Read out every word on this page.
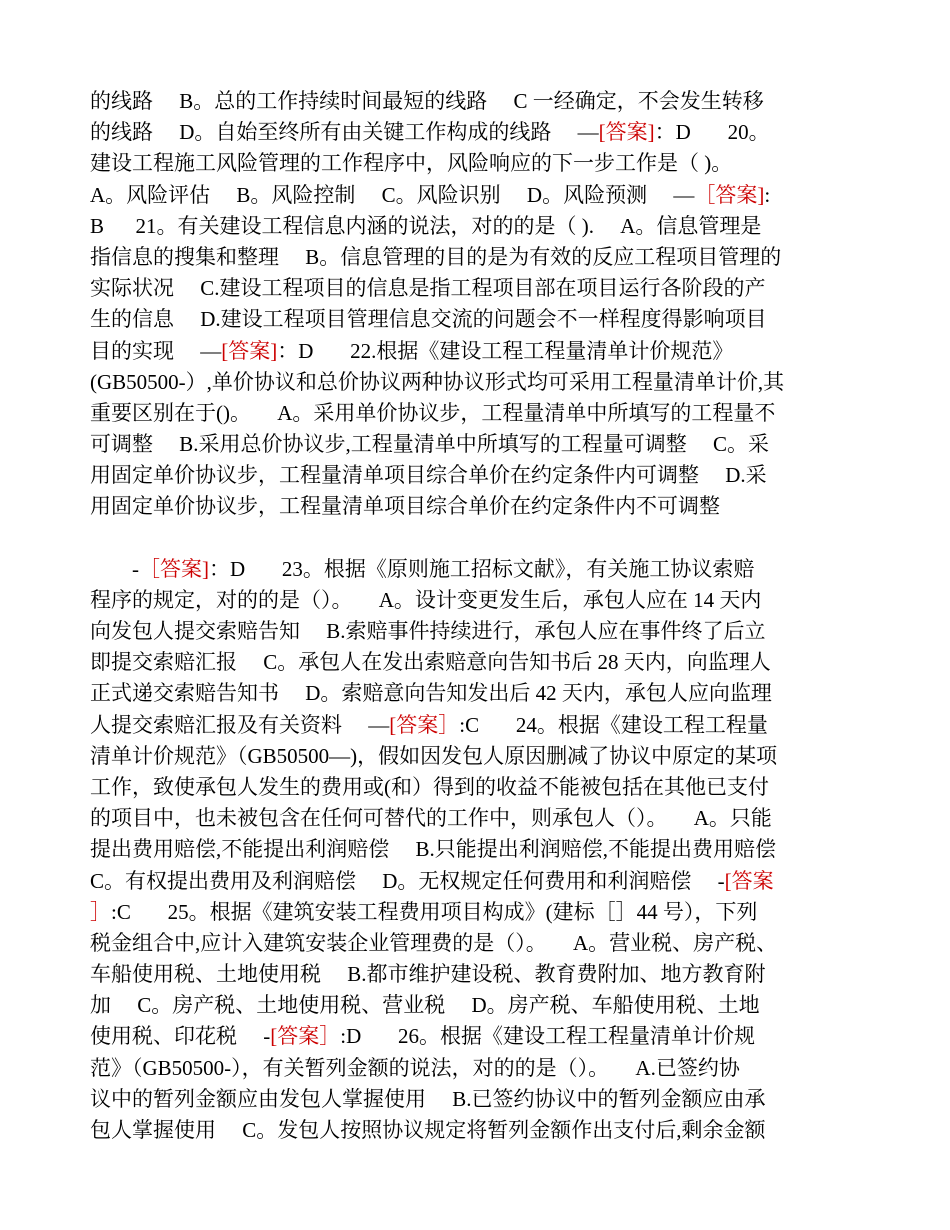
的线路     B。总的工作持续时间最短的线路     C 一经确定，不会发生转移
的线路     D。自始至终所有由关键工作构成的线路     —[答案]：D       20。
建设工程施工风险管理的工作程序中，风险响应的下一步工作是（ )。
A。风险评估     B。风险控制     C。风险识别     D。风险预测     —［答案]:
B      21。有关建设工程信息内涵的说法，对的的是（ ).     A。信息管理是
指信息的搜集和整理     B。信息管理的目的是为有效的反应工程项目管理的
实际状况     C.建设工程项目的信息是指工程项目部在项目运行各阶段的产
生的信息     D.建设工程项目管理信息交流的问题会不一样程度得影响项目
目的实现     —[答案]：D       22.根据《建设工程工程量清单计价规范》
(GB50500-）,单价协议和总价协议两种协议形式均可采用工程量清单计价,其
重要区别在于()。     A。采用单价协议步，工程量清单中所填写的工程量不
可调整     B.采用总价协议步,工程量清单中所填写的工程量可调整     C。采
用固定单价协议步，工程量清单项目综合单价在约定条件内可调整     D.采
用固定单价协议步，工程量清单项目综合单价在约定条件内不可调整
-［答案]：D       23。根据《原则施工招标文献》，有关施工协议索赔
程序的规定，对的的是（）。     A。设计变更发生后，承包人应在 14 天内
向发包人提交索赔告知     B.索赔事件持续进行，承包人应在事件终了后立
即提交索赔汇报     C。承包人在发出索赔意向告知书后 28 天内，向监理人
正式递交索赔告知书     D。索赔意向告知发出后 42 天内，承包人应向监理
人提交索赔汇报及有关资料     —[答案］:C       24。根据《建设工程工程量
清单计价规范》（GB50500—)，假如因发包人原因删减了协议中原定的某项
工作，致使承包人发生的费用或(和）得到的收益不能被包括在其他已支付
的项目中，也未被包含在任何可替代的工作中，则承包人（）。     A。只能
提出费用赔偿,不能提出利润赔偿     B.只能提出利润赔偿,不能提出费用赔偿
C。有权提出费用及利润赔偿     D。无权规定任何费用和利润赔偿     -[答案
］:C       25。根据《建筑安装工程费用项目构成》(建标［］44 号），下列
税金组合中,应计入建筑安装企业管理费的是（）。     A。营业税、房产税、
车船使用税、土地使用税     B.都市维护建设税、教育费附加、地方教育附
加     C。房产税、土地使用税、营业税     D。房产税、车船使用税、土地
使用税、印花税     -[答案］:D       26。根据《建设工程工程量清单计价规
范》（GB50500-），有关暂列金额的说法，对的的是（）。     A.已签约协
议中的暂列金额应由发包人掌握使用     B.已签约协议中的暂列金额应由承
包人掌握使用     C。发包人按照协议规定将暂列金额作出支付后,剩余金额
